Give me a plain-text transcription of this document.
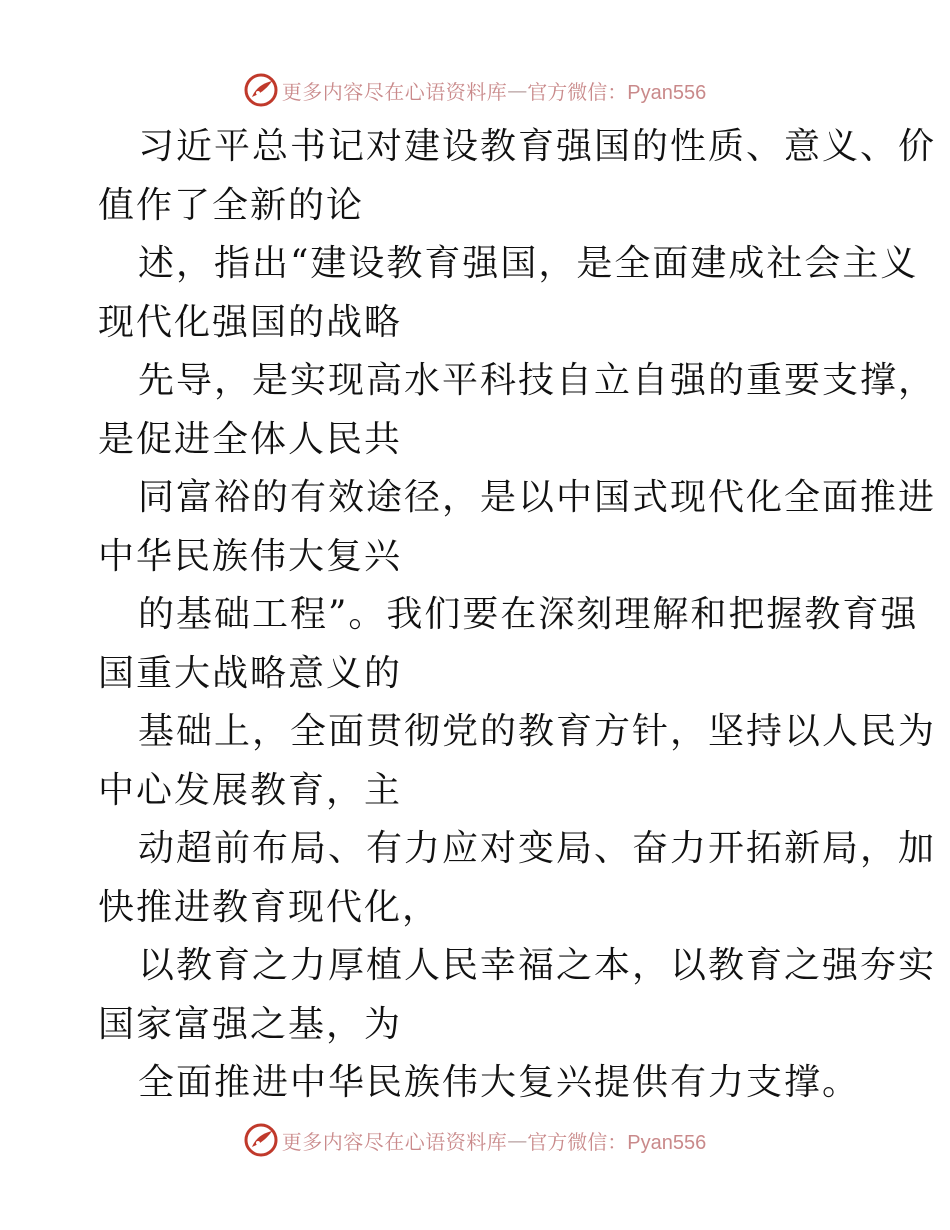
更多内容尽在心语资料库 — 官方微信：Pyan556
习近平总书记对建设教育强国的性质、意义、价
值作了全新的论
述，指出“建设教育强国，是全面建成社会主义
现代化强国的战略
先导，是实现高水平科技自立自强的重要支撑，
是促进全体人民共
同富裕的有效途径，是以中国式现代化全面推进
中华民族伟大复兴
的基础工程”。我们要在深刻理解和把握教育强
国重大战略意义的
基础上，全面贯彻党的教育方针，坚持以人民为
中心发展教育，主
动超前布局、有力应对变局、奋力开拓新局，加
快推进教育现代化，
以教育之力厚植人民幸福之本，以教育之强夯实
国家富强之基，为
全面推进中华民族伟大复兴提供有力支撑。
更多内容尽在心语资料库 — 官方微信：Pyan556
